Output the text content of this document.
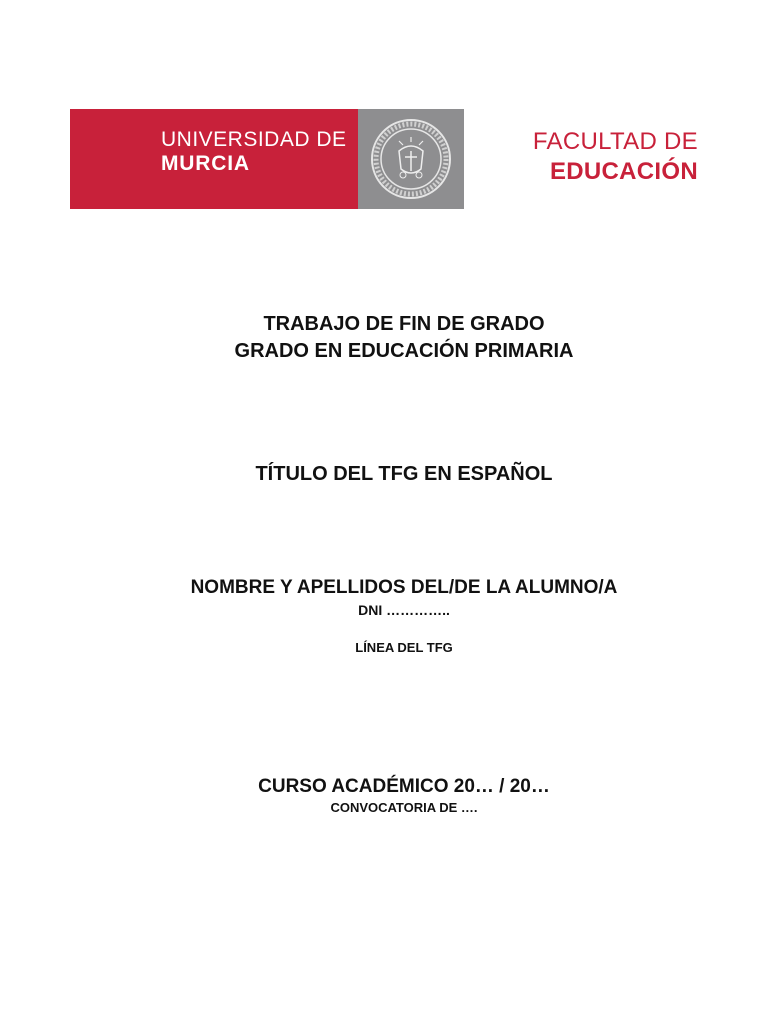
UNIVERSIDAD DE
MURCIA
FACULTAD DE
EDUCACIÓN
TRABAJO DE FIN DE GRADO
GRADO EN EDUCACIÓN PRIMARIA
TÍTULO DEL TFG EN ESPAÑOL
NOMBRE Y APELLIDOS DEL/DE LA ALUMNO/A
DNI …………..
LÍNEA DEL TFG
CURSO ACADÉMICO 20… / 20…
CONVOCATORIA DE ….
